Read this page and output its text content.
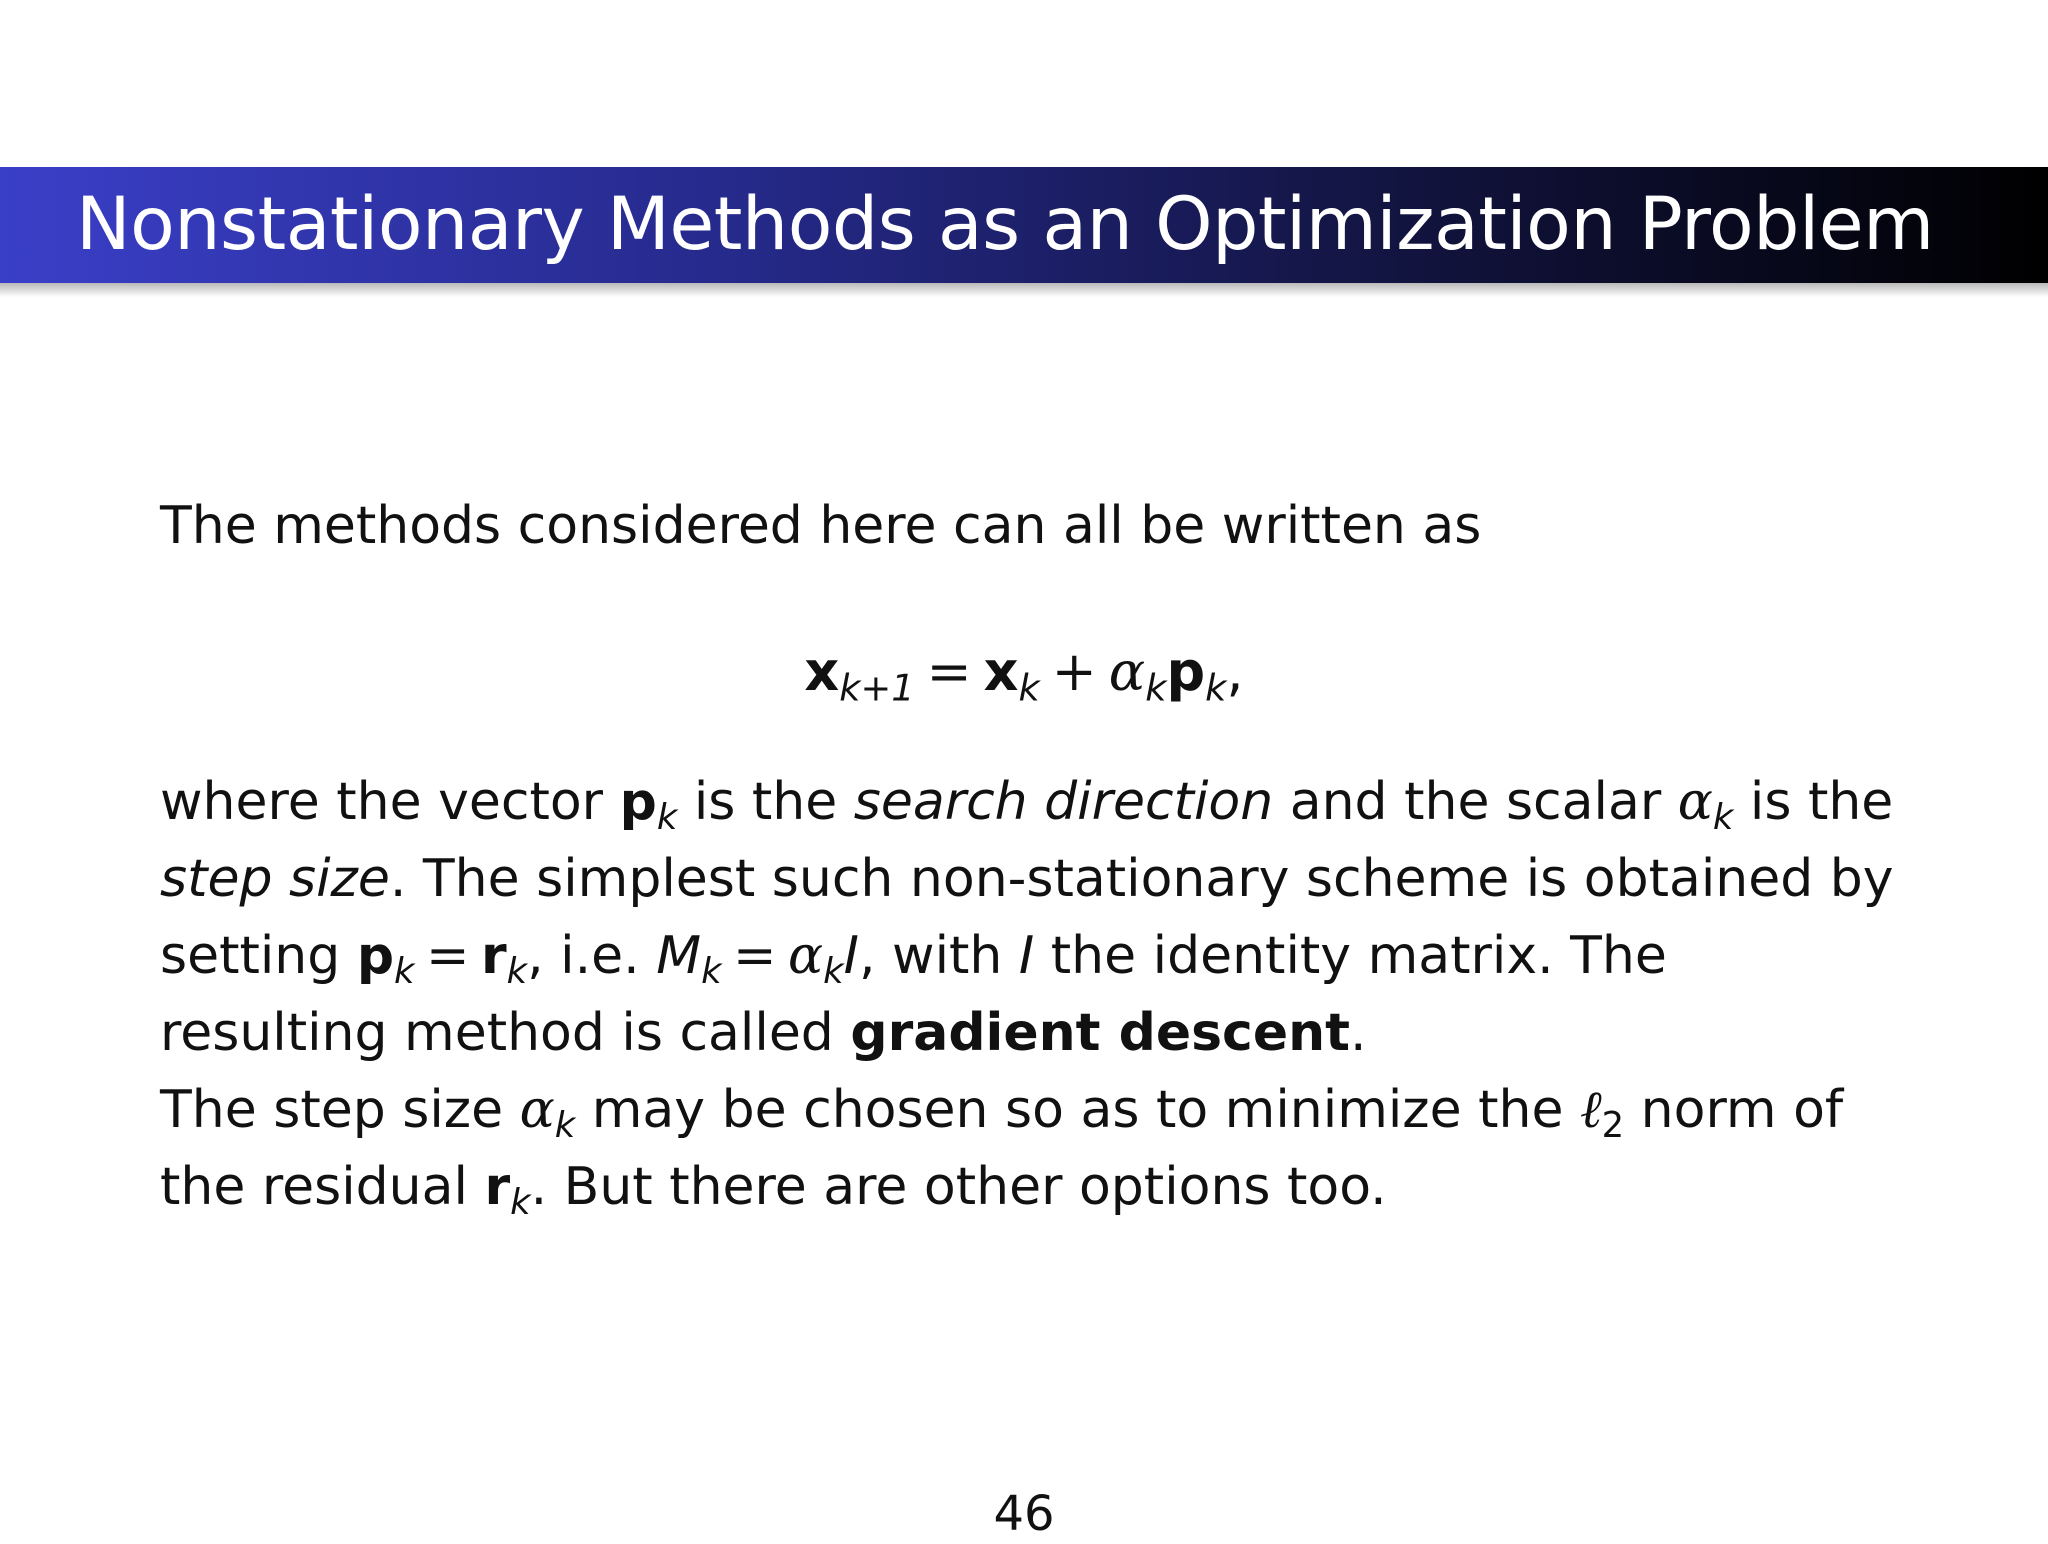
Nonstationary Methods as an Optimization Problem
The methods considered here can all be written as
$x_{k+1} = x_k + \alpha_kp_k$,
where the vector $p_k$ is the search direction and the scalar $\alpha_k$ is the
step size. The simplest such non-stationary scheme is obtained by
setting $p_k = r_k$, i.e. $M_k = \alpha_kI$, with I the identity matrix. The
resulting method is called gradient descent.
The step size $\alpha_k$ may be chosen so as to minimize the ℓ$_2$ norm of
the residual $r_k$. But there are other options too.
46
